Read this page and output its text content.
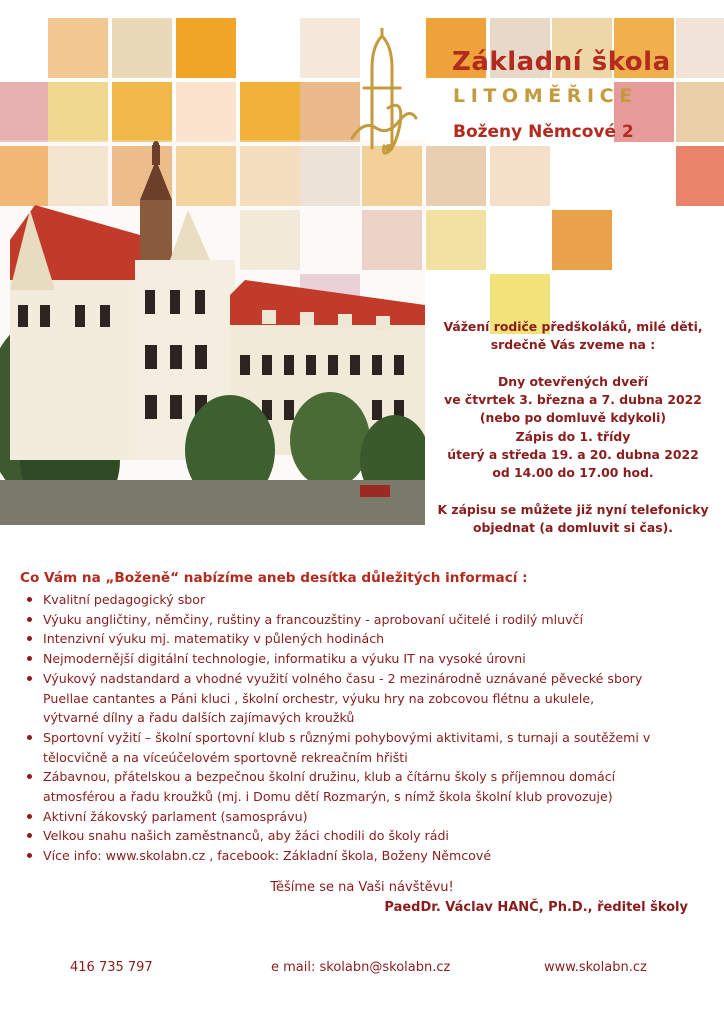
Základní škola
LITOMĚŘICE
Boženy Němcové 2
Vážení rodiče předškoláků, milé děti,
srdečně Vás zveme na :
Dny otevřených dveří
ve čtvrtek 3. března a 7. dubna 2022
(nebo po domluvě kdykoli)
Zápis do 1. třídy
úterý a středa 19. a 20. dubna 2022
od 14.00 do 17.00 hod.
K zápisu se můžete již nyní telefonicky
objednat (a domluvit si čas).
Co Vám na „Boženě“ nabízíme aneb desítka důležitých informací :
Kvalitní pedagogický sbor
Výuku angličtiny, němčiny, ruštiny a francouzštiny - aprobovaní učitelé i rodilý mluvčí
Intenzivní výuku mj. matematiky v půlených hodinách
Nejmodernější digitální technologie, informatiku a výuku IT na vysoké úrovni
Výukový nadstandard a vhodné využití volného času - 2 mezinárodně uznávané pěvecké sbory
Puellae cantantes a Páni kluci , školní orchestr, výuku hry na zobcovou flétnu a ukulele,
výtvarné dílny a řadu dalších zajímavých kroužků
Sportovní vyžití – školní sportovní klub s různými pohybovými aktivitami, s turnaji a soutěžemi v
tělocvičně a na víceúčelovém sportovně rekreačním hřišti
Zábavnou, přátelskou a bezpečnou školní družinu, klub a čítárnu školy s příjemnou domácí
atmosférou a řadu kroužků (mj. i Domu dětí Rozmarýn, s nímž škola školní klub provozuje)
Aktivní žákovský parlament (samosprávu)
Velkou snahu našich zaměstnanců, aby žáci chodili do školy rádi
Více info: www.skolabn.cz , facebook: Základní škola, Boženy Němcové
Těšíme se na Vaši návštěvu!
PaedDr. Václav HANČ, Ph.D., ředitel školy
416 735 797	e mail: skolabn@skolabn.cz	www.skolabn.cz
